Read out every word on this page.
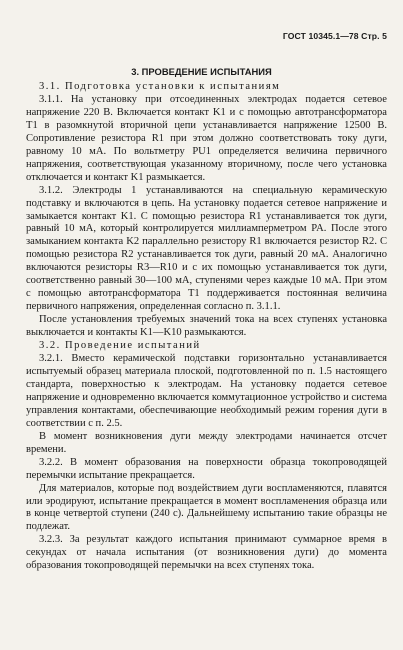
ГОСТ 10345.1—78 Стр. 5
3. ПРОВЕДЕНИЕ ИСПЫТАНИЯ

3.1. Подготовка установки к испытаниям

3.1.1. На установку при отсоединенных электродах подается сетевое напряжение 220 В. Включается контакт K1 и с помощью автотрансформатора T1 в разомкнутой вторичной цепи устанавливается напряжение 12500 В. Сопротивление резистора R1 при этом должно соответствовать току дуги, равному 10 мА. По вольтметру PU1 определяется величина первичного напряжения, соответствующая указанному вторичному, после чего установка отключается и контакт K1 размыкается.

3.1.2. Электроды 1 устанавливаются на специальную керамическую подставку и включаются в цепь. На установку подается сетевое напряжение и замыкается контакт K1. С помощью резистора R1 устанавливается ток дуги, равный 10 мА, который контролируется миллиамперметром PA. После этого замыканием контакта K2 параллельно резистору R1 включается резистор R2. С помощью резистора R2 устанавливается ток дуги, равный 20 мА. Аналогично включаются резисторы R3—R10 и с их помощью устанавливается ток дуги, соответственно равный 30—100 мА, ступенями через каждые 10 мА. При этом с помощью автотрансформатора T1 поддерживается постоянная величина первичного напряжения, определенная согласно п. 3.1.1.

После установления требуемых значений тока на всех ступенях установка выключается и контакты K1—K10 размыкаются.

3.2. Проведение испытаний

3.2.1. Вместо керамической подставки горизонтально устанавливается испытуемый образец материала плоской, подготовленной по п. 1.5 настоящего стандарта, поверхностью к электродам. На установку подается сетевое напряжение и одновременно включается коммутационное устройство и система управления контактами, обеспечивающие необходимый режим горения дуги в соответствии с п. 2.5.

В момент возникновения дуги между электродами начинается отсчет времени.

3.2.2. В момент образования на поверхности образца токопроводящей перемычки испытание прекращается.

Для материалов, которые под воздействием дуги воспламеняются, плавятся или эродируют, испытание прекращается в момент воспламенения образца или в конце четвертой ступени (240 с). Дальнейшему испытанию такие образцы не подлежат.

3.2.3. За результат каждого испытания принимают суммарное время в секундах от начала испытания (от возникновения дуги) до момента образования токопроводящей перемычки на всех ступенях тока.
